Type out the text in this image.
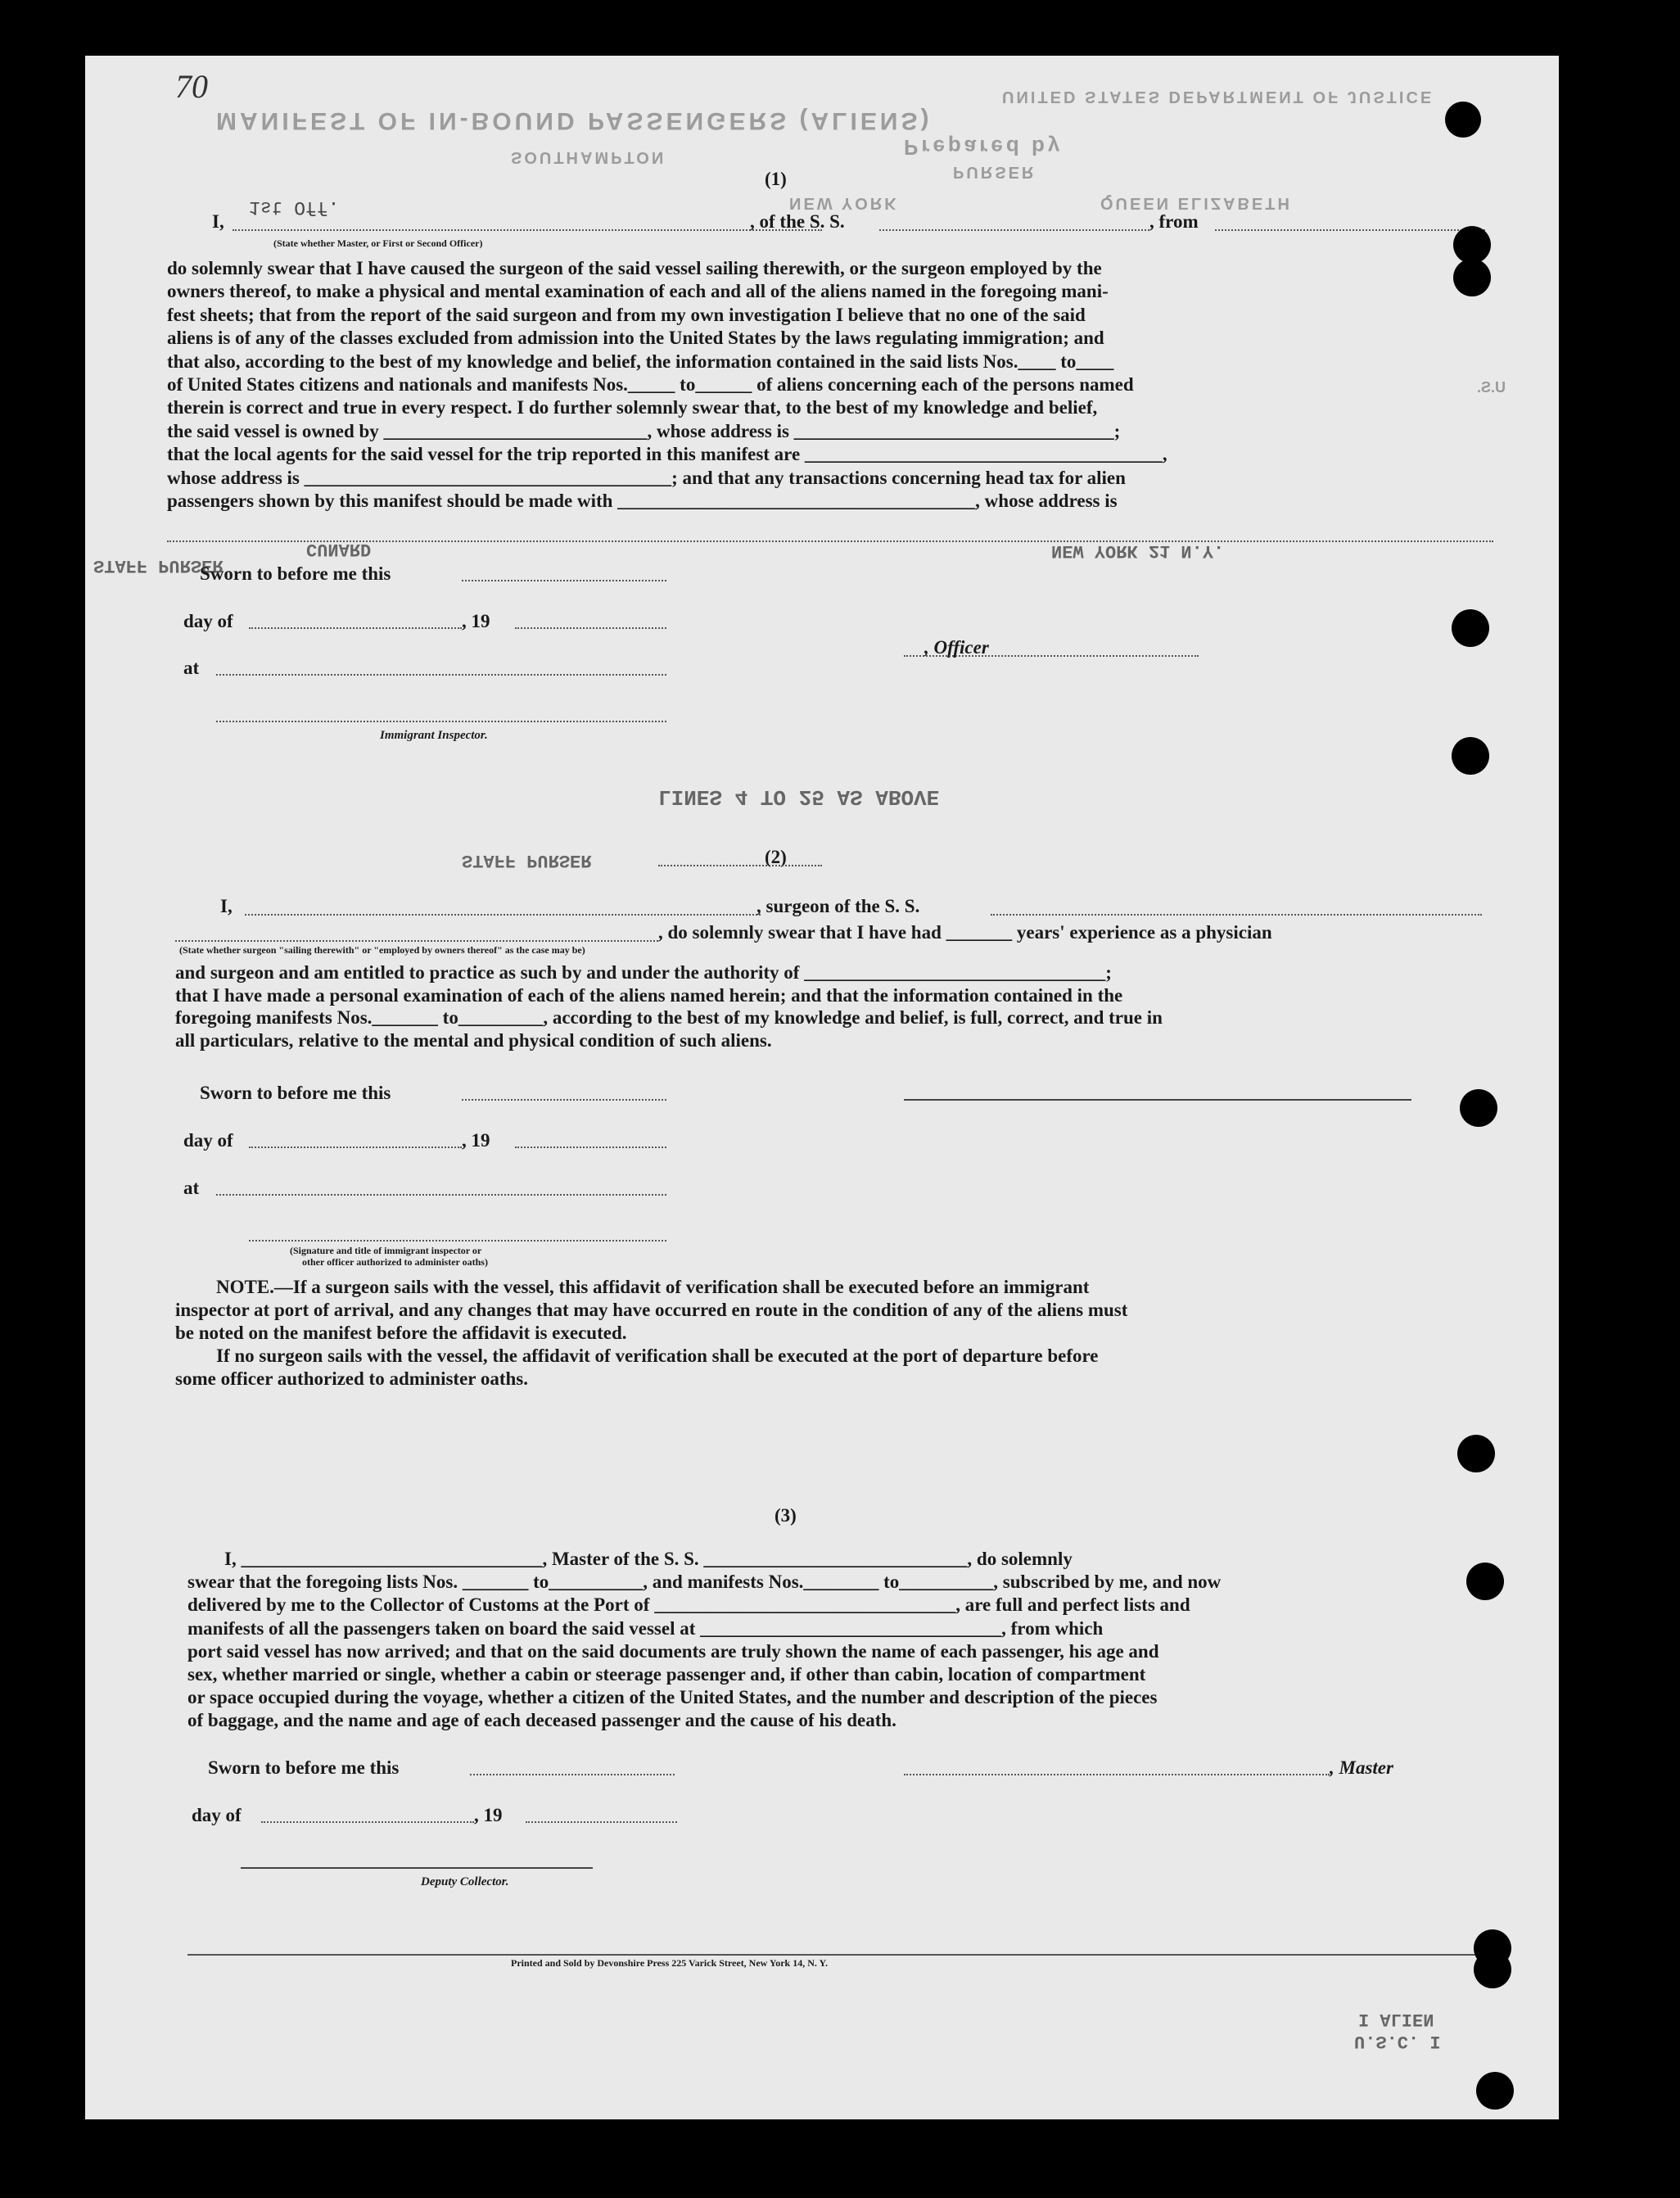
MANIFEST OF IN-BOUND PASSENGERS (ALIENS)
UNITED STATES DEPARTMENT OF JUSTICE
Prepared by
PURSER
SOUTHAMPTON
NEW YORK	QUEEN ELIZABETH
70
(1)
I,
1st Off.
, of the S. S.	, from
(State whether Master, or First or Second Officer)
do solemnly swear that I have caused the surgeon of the said vessel sailing therewith, or the surgeon employed by the
owners thereof, to make a physical and mental examination of each and all of the aliens named in the foregoing mani-
fest sheets; that from the report of the said surgeon and from my own investigation I believe that no one of the said
aliens is of any of the classes excluded from admission into the United States by the laws regulating immigration; and
that also, according to the best of my knowledge and belief, the information contained in the said lists Nos.____ to____
of United States citizens and nationals and manifests Nos._____ to______ of aliens concerning each of the persons named
therein is correct and true in every respect. I do further solemnly swear that, to the best of my knowledge and belief,
the said vessel is owned by ____________________________, whose address is __________________________________;
that the local agents for the said vessel for the trip reported in this manifest are ______________________________________,
whose address is _______________________________________; and that any transactions concerning head tax for alien
passengers shown by this manifest should be made with ______________________________________, whose address is
STAFF PURSER
CUNARD	NEW YORK 21 N.Y.
U.S.
Sworn to before me this
day of	, 19
, Officer
at
Immigrant Inspector.
LINES 4 TO 25 AS ABOVE
STAFF PURSER	(2)
I,	, surgeon of the S. S.
, do solemnly swear that I have had _______ years' experience as a physician
(State whether surgeon "sailing therewith" or "employed by owners thereof" as the case may be)
and surgeon and am entitled to practice as such by and under the authority of ________________________________;
that I have made a personal examination of each of the aliens named herein; and that the information contained in the
foregoing manifests Nos._______ to_________, according to the best of my knowledge and belief, is full, correct, and true in
all particulars, relative to the mental and physical condition of such aliens.
Sworn to before me this
day of	, 19
at
(Signature and title of immigrant inspector or
other officer authorized to administer oaths)
NOTE.—If a surgeon sails with the vessel, this affidavit of verification shall be executed before an immigrant
inspector at port of arrival, and any changes that may have occurred en route in the condition of any of the aliens must
be noted on the manifest before the affidavit is executed.
If no surgeon sails with the vessel, the affidavit of verification shall be executed at the port of departure before
some officer authorized to administer oaths.
(3)
I, ________________________________, Master of the S. S. ____________________________, do solemnly
swear that the foregoing lists Nos. _______ to__________, and manifests Nos.________ to__________, subscribed by me, and now
delivered by me to the Collector of Customs at the Port of ________________________________, are full and perfect lists and
manifests of all the passengers taken on board the said vessel at ________________________________, from which
port said vessel has now arrived; and that on the said documents are truly shown the name of each passenger, his age and
sex, whether married or single, whether a cabin or steerage passenger and, if other than cabin, location of compartment
or space occupied during the voyage, whether a citizen of the United States, and the number and description of the pieces
of baggage, and the name and age of each deceased passenger and the cause of his death.
Sworn to before me this	, Master
day of	, 19
Deputy Collector.
Printed and Sold by Devonshire Press 225 Varick Street, New York 14, N. Y.
I ALIEN
U.S.C. I
